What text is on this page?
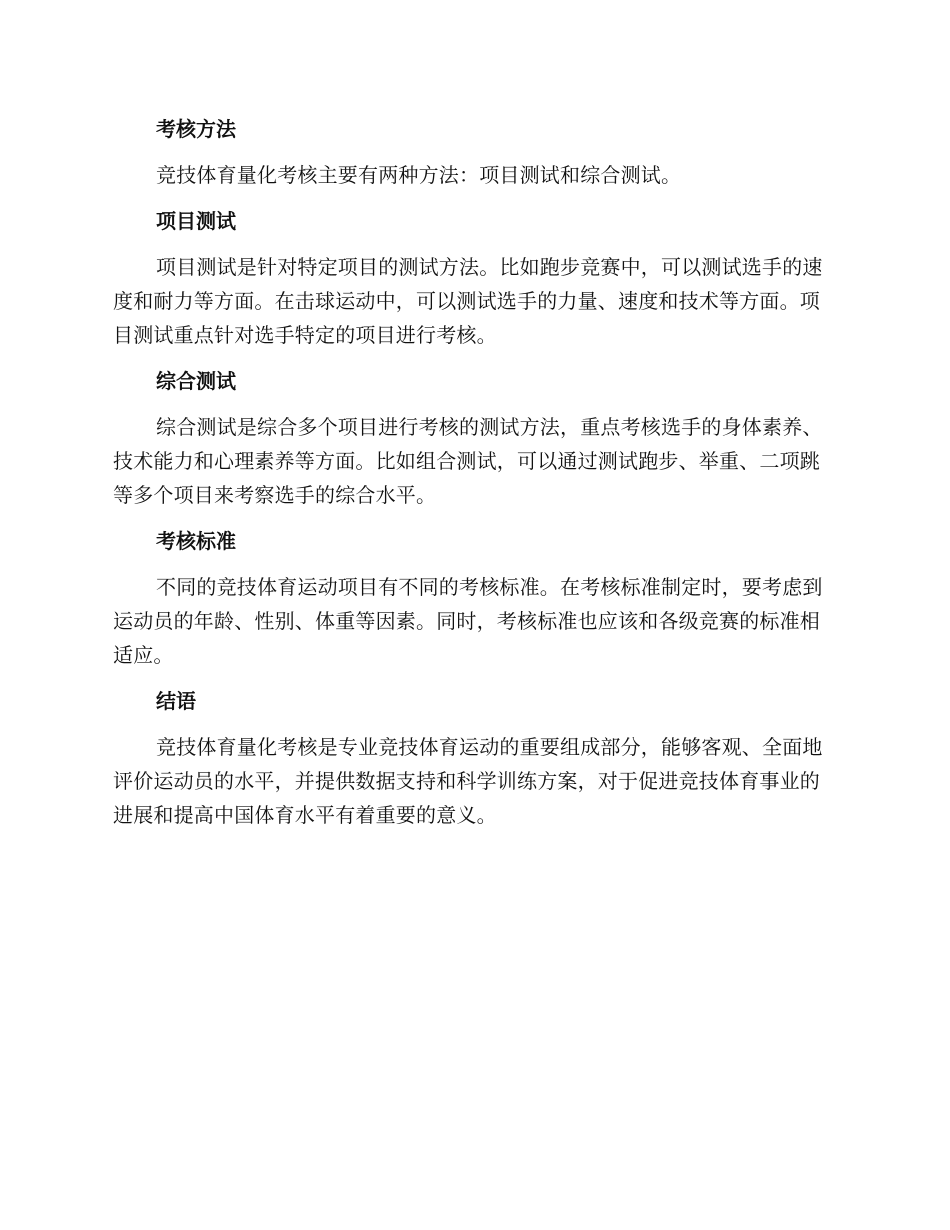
考核方法

竞技体育量化考核主要有两种方法：项目测试和综合测试。

项目测试

项目测试是针对特定项目的测试方法。比如跑步竞赛中，可以测试选手的速度和耐力等方面。在击球运动中，可以测试选手的力量、速度和技术等方面。项目测试重点针对选手特定的项目进行考核。

综合测试

综合测试是综合多个项目进行考核的测试方法，重点考核选手的身体素养、技术能力和心理素养等方面。比如组合测试，可以通过测试跑步、举重、二项跳等多个项目来考察选手的综合水平。

考核标准

不同的竞技体育运动项目有不同的考核标准。在考核标准制定时，要考虑到运动员的年龄、性别、体重等因素。同时，考核标准也应该和各级竞赛的标准相适应。

结语

竞技体育量化考核是专业竞技体育运动的重要组成部分，能够客观、全面地评价运动员的水平，并提供数据支持和科学训练方案，对于促进竞技体育事业的进展和提高中国体育水平有着重要的意义。
